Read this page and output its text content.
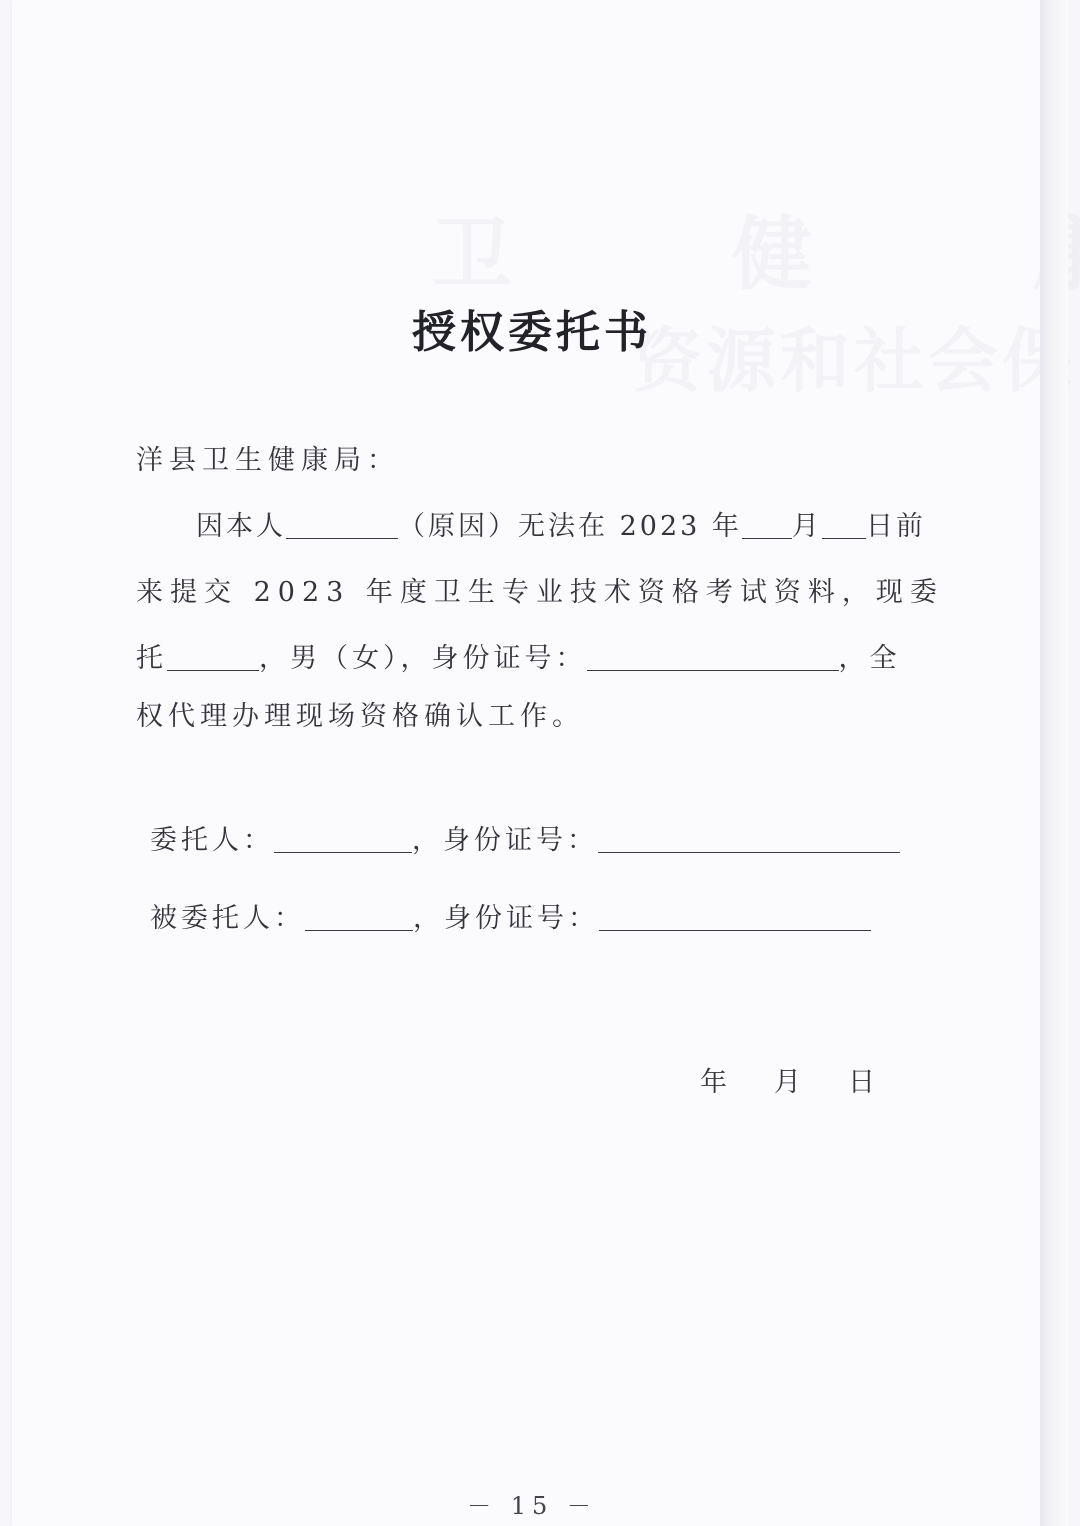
授权委托书
洋县卫生健康局：
因本人	（原因）无法在 2023 年 月 日前
来提交 2023 年度卫生专业技术资格考试资料，现委
托	，男（女），身份证号：	，全
权代理办理现场资格确认工作。
委托人：	，身份证号：
被委托人：	，身份证号：
年 月 日
－ 15 －
